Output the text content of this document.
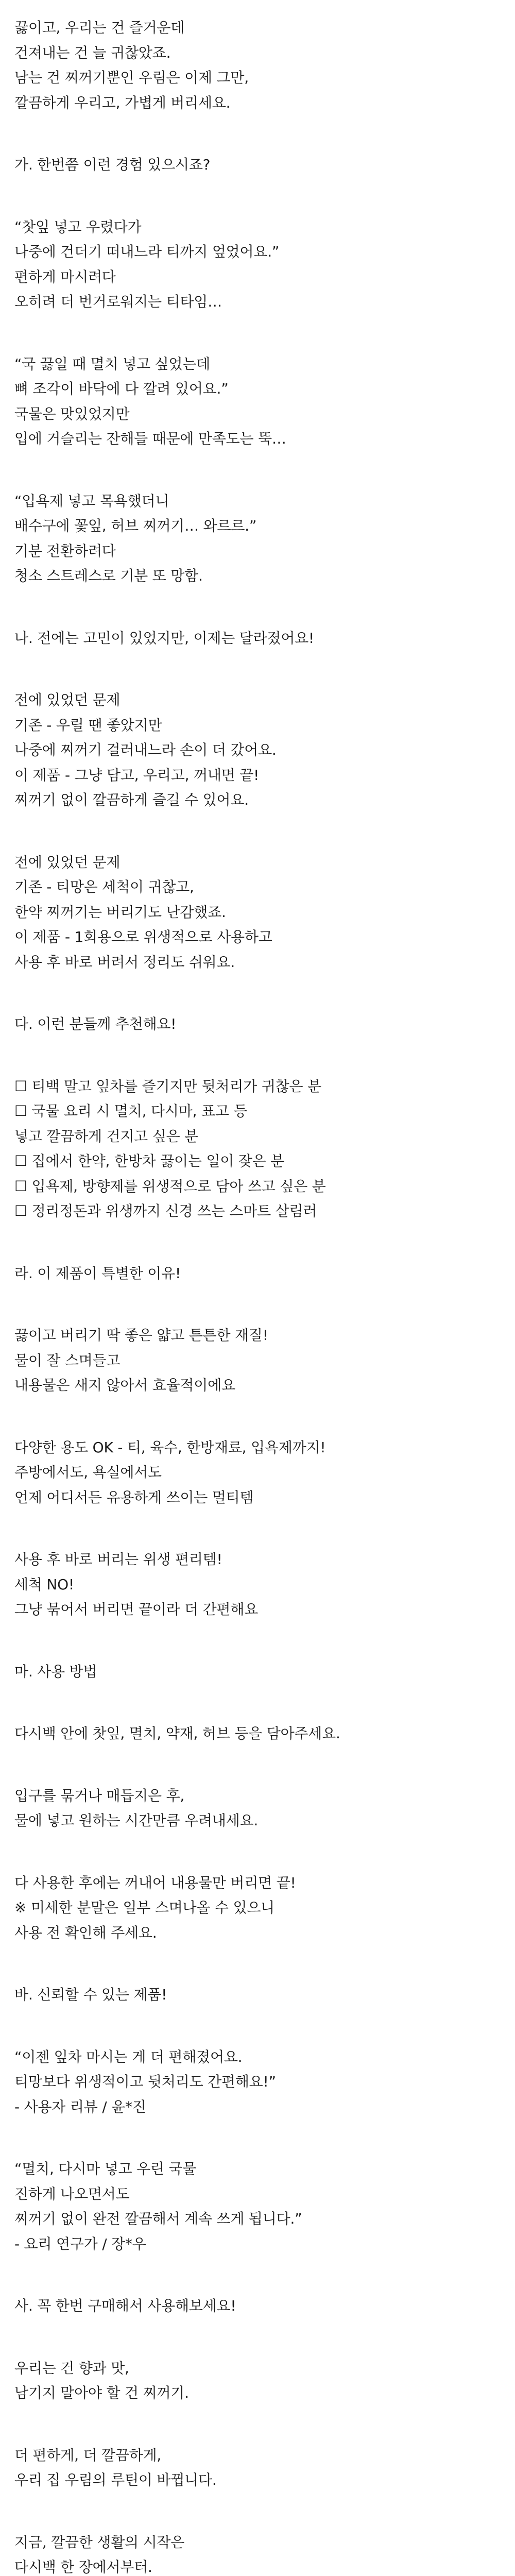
끓이고, 우리는 건 즐거운데
건져내는 건 늘 귀찮았죠.
남는 건 찌꺼기뿐인 우림은 이제 그만,
깔끔하게 우리고, 가볍게 버리세요.
가. 한번쯤 이런 경험 있으시죠?
“찻잎 넣고 우렸다가
나중에 건더기 떠내느라 티까지 엎었어요.”
편하게 마시려다
오히려 더 번거로워지는 티타임…
“국 끓일 때 멸치 넣고 싶었는데
뼈 조각이 바닥에 다 깔려 있어요.”
국물은 맛있었지만
입에 거슬리는 잔해들 때문에 만족도는 뚝…
“입욕제 넣고 목욕했더니
배수구에 꽃잎, 허브 찌꺼기… 와르르.”
기분 전환하려다
청소 스트레스로 기분 또 망함.
나. 전에는 고민이 있었지만, 이제는 달라졌어요!
전에 있었던 문제
기존 - 우릴 땐 좋았지만
나중에 찌꺼기 걸러내느라 손이 더 갔어요.
이 제품 - 그냥 담고, 우리고, 꺼내면 끝!
찌꺼기 없이 깔끔하게 즐길 수 있어요.
전에 있었던 문제
기존 - 티망은 세척이 귀찮고,
한약 찌꺼기는 버리기도 난감했죠.
이 제품 - 1회용으로 위생적으로 사용하고
사용 후 바로 버려서 정리도 쉬워요.
다. 이런 분들께 추천해요!
☐ 티백 말고 잎차를 즐기지만 뒷처리가 귀찮은 분
☐ 국물 요리 시 멸치, 다시마, 표고 등
넣고 깔끔하게 건지고 싶은 분
☐ 집에서 한약, 한방차 끓이는 일이 잦은 분
☐ 입욕제, 방향제를 위생적으로 담아 쓰고 싶은 분
☐ 정리정돈과 위생까지 신경 쓰는 스마트 살림러
라. 이 제품이 특별한 이유!
끓이고 버리기 딱 좋은 얇고 튼튼한 재질!
물이 잘 스며들고
내용물은 새지 않아서 효율적이에요
다양한 용도 OK - 티, 육수, 한방재료, 입욕제까지!
주방에서도, 욕실에서도
언제 어디서든 유용하게 쓰이는 멀티템
사용 후 바로 버리는 위생 편리템!
세척 NO!
그냥 묶어서 버리면 끝이라 더 간편해요
마. 사용 방법
다시백 안에 찻잎, 멸치, 약재, 허브 등을 담아주세요.
입구를 묶거나 매듭지은 후,
물에 넣고 원하는 시간만큼 우려내세요.
다 사용한 후에는 꺼내어 내용물만 버리면 끝!
※ 미세한 분말은 일부 스며나올 수 있으니
사용 전 확인해 주세요.
바. 신뢰할 수 있는 제품!
“이젠 잎차 마시는 게 더 편해졌어요.
티망보다 위생적이고 뒷처리도 간편해요!”
- 사용자 리뷰 / 윤*진
“멸치, 다시마 넣고 우린 국물
진하게 나오면서도
찌꺼기 없이 완전 깔끔해서 계속 쓰게 됩니다.”
- 요리 연구가 / 장*우
사. 꼭 한번 구매해서 사용해보세요!
우리는 건 향과 맛,
남기지 말아야 할 건 찌꺼기.
더 편하게, 더 깔끔하게,
우리 집 우림의 루틴이 바뀝니다.
지금, 깔끔한 생활의 시작은
다시백 한 장에서부터.
